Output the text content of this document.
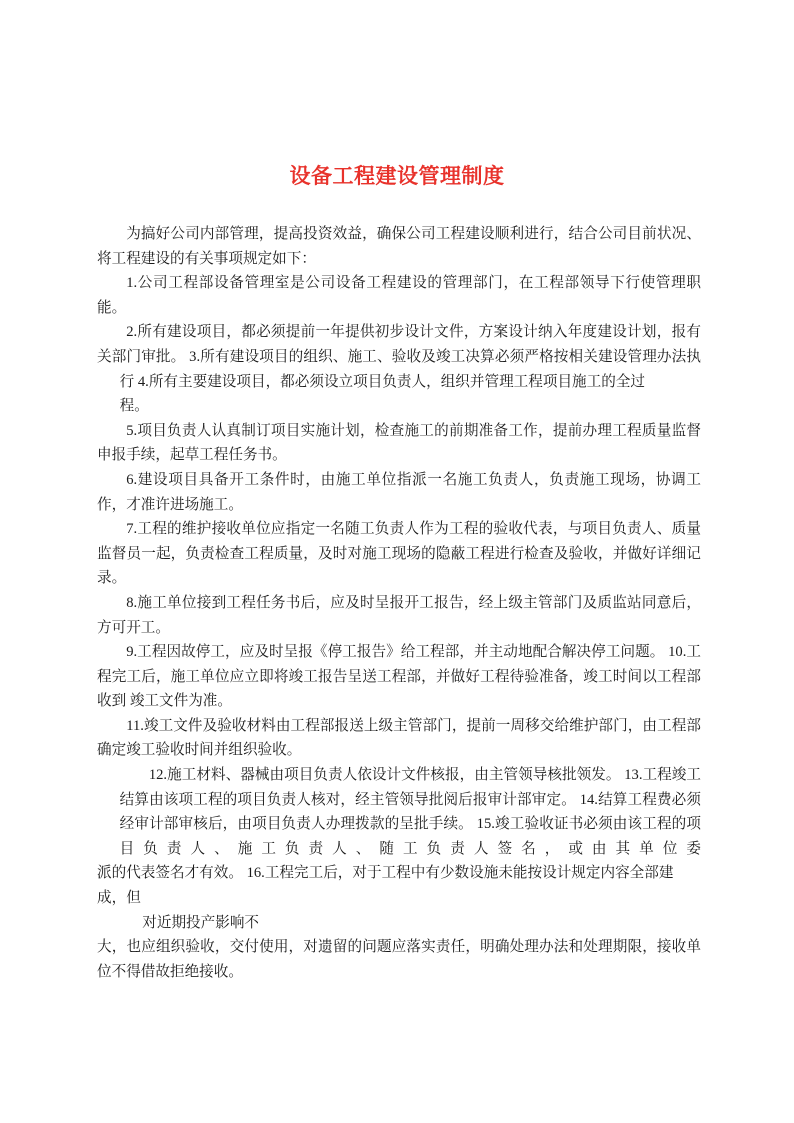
设备工程建设管理制度

为搞好公司内部管理，提高投资效益，确保公司工程建设顺利进行，结合公司目前状况、将工程建设的有关事项规定如下：

1.公司工程部设备管理室是公司设备工程建设的管理部门，在工程部领导下行使管理职能。

2.所有建设项目，都必须提前一年提供初步设计文件，方案设计纳入年度建设计划，报有关部门审批。 3.所有建设项目的组织、施工、验收及竣工决算必须严格按相关建设管理办法执

行 4.所有主要建设项目，都必须设立项目负责人，组织并管理工程项目施工的全过

程。

5.项目负责人认真制订项目实施计划，检查施工的前期准备工作，提前办理工程质量监督申报手续，起草工程任务书。

6.建设项目具备开工条件时，由施工单位指派一名施工负责人，负责施工现场，协调工作，才准许进场施工。

7.工程的维护接收单位应指定一名随工负责人作为工程的验收代表，与项目负责人、质量监督员一起，负责检查工程质量，及时对施工现场的隐蔽工程进行检查及验收，并做好详细记录。

8.施工单位接到工程任务书后，应及时呈报开工报告，经上级主管部门及质监站同意后，方可开工。

9.工程因故停工，应及时呈报《停工报告》给工程部，并主动地配合解决停工问题。 10.工程完工后，施工单位应立即将竣工报告呈送工程部，并做好工程待验准备，竣工时间以工程部收到 竣工文件为准。

11.竣工文件及验收材料由工程部报送上级主管部门，提前一周移交给维护部门，由工程部确定竣工验收时间并组织验收。

12.施工材料、器械由项目负责人依设计文件核报，由主管领导核批领发。 13.工程竣工结算由该项工程的项目负责人核对，经主管领导批阅后报审计部审定。 14.结算工程费必须经审计部审核后，由项目负责人办理拨款的呈批手续。 15.竣工验收证书必须由该工程的项目负责人、施工负责人、随工负责人签名，或由其单位委

派的代表签名才有效。 16.工程完工后，对于工程中有少数设施未能按设计规定内容全部建成，但

对近期投产影响不

大，也应组织验收，交付使用，对遗留的问题应落实责任，明确处理办法和处理期限，接收单位不得借故拒绝接收。
